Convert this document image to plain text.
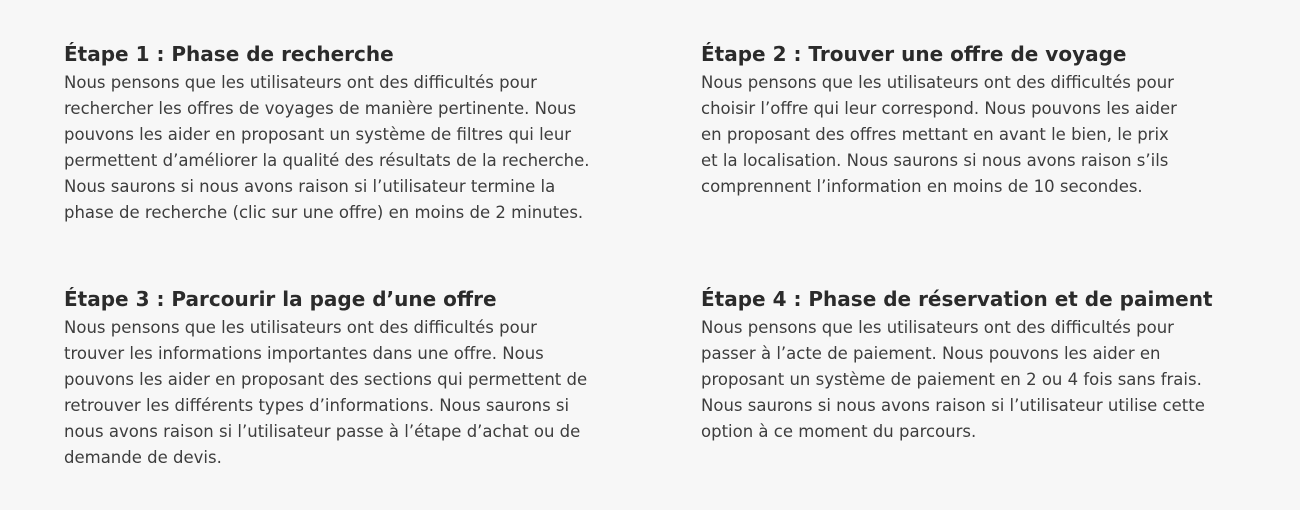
Étape 1 : Phase de recherche

Nous pensons que les utilisateurs ont des difficultés pour
rechercher les offres de voyages de manière pertinente. Nous
pouvons les aider en proposant un système de filtres qui leur
permettent d’améliorer la qualité des résultats de la recherche.
Nous saurons si nous avons raison si l’utilisateur termine la
phase de recherche (clic sur une offre) en moins de 2 minutes.

Étape 2 : Trouver une offre de voyage

Nous pensons que les utilisateurs ont des difficultés pour
choisir l’offre qui leur correspond. Nous pouvons les aider
en proposant des offres mettant en avant le bien, le prix
et la localisation. Nous saurons si nous avons raison s’ils
comprennent l’information en moins de 10 secondes.

Étape 3 : Parcourir la page d’une offre

Nous pensons que les utilisateurs ont des difficultés pour
trouver les informations importantes dans une offre. Nous
pouvons les aider en proposant des sections qui permettent de
retrouver les différents types d’informations. Nous saurons si
nous avons raison si l’utilisateur passe à l’étape d’achat ou de
demande de devis.

Étape 4 : Phase de réservation et de paiment

Nous pensons que les utilisateurs ont des difficultés pour
passer à l’acte de paiement. Nous pouvons les aider en
proposant un système de paiement en 2 ou 4 fois sans frais.
Nous saurons si nous avons raison si l’utilisateur utilise cette
option à ce moment du parcours.
